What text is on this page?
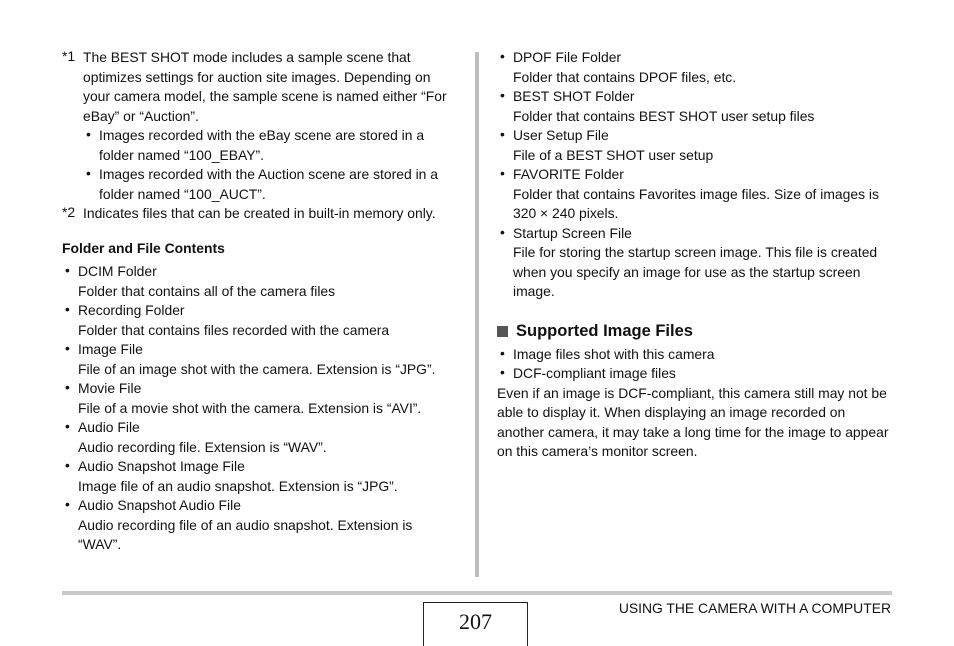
*1 The BEST SHOT mode includes a sample scene that
optimizes settings for auction site images. Depending on
your camera model, the sample scene is named either “For
eBay” or “Auction”.
• Images recorded with the eBay scene are stored in a
folder named “100_EBAY”.
• Images recorded with the Auction scene are stored in a
folder named “100_AUCT”.
*2 Indicates files that can be created in built-in memory only.
Folder and File Contents
• DCIM Folder
Folder that contains all of the camera files
• Recording Folder
Folder that contains files recorded with the camera
• Image File
File of an image shot with the camera. Extension is “JPG”.
• Movie File
File of a movie shot with the camera. Extension is “AVI”.
• Audio File
Audio recording file. Extension is “WAV”.
• Audio Snapshot Image File
Image file of an audio snapshot. Extension is “JPG”.
• Audio Snapshot Audio File
Audio recording file of an audio snapshot. Extension is
“WAV”.
• DPOF File Folder
Folder that contains DPOF files, etc.
• BEST SHOT Folder
Folder that contains BEST SHOT user setup files
• User Setup File
File of a BEST SHOT user setup
• FAVORITE Folder
Folder that contains Favorites image files. Size of images is
320 × 240 pixels.
• Startup Screen File
File for storing the startup screen image. This file is created
when you specify an image for use as the startup screen
image.
Supported Image Files
• Image files shot with this camera
• DCF-compliant image files
Even if an image is DCF-compliant, this camera still may not be
able to display it. When displaying an image recorded on
another camera, it may take a long time for the image to appear
on this camera’s monitor screen.
207
USING THE CAMERA WITH A COMPUTER
